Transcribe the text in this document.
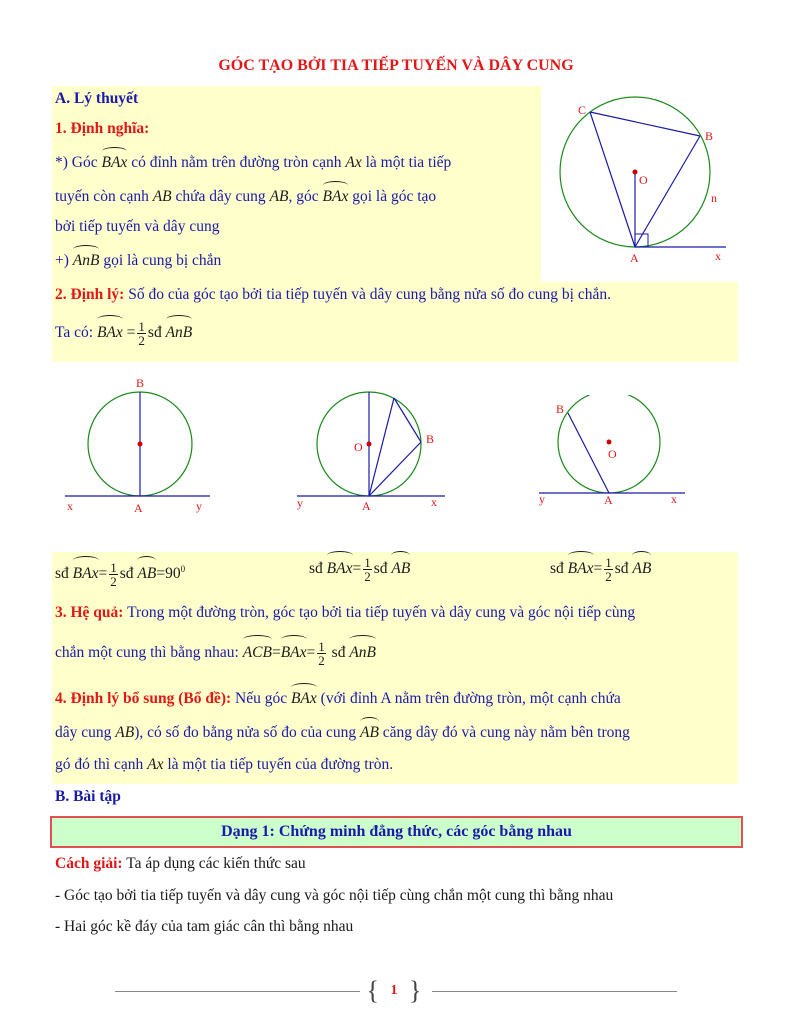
GÓC TẠO BỞI TIA TIẾP TUYẾN VÀ DÂY CUNG
A. Lý thuyết
1. Định nghĩa:
*) Góc BAx có đỉnh nằm trên đường tròn cạnh Ax là một tia tiếp
tuyến còn cạnh AB chứa dây cung AB, góc BAx gọi là góc tạo
bởi tiếp tuyến và dây cung
+) AnB gọi là cung bị chắn
C
B
O
n
A	x
2. Định lý: Số đo của góc tạo bởi tia tiếp tuyến và dây cung bằng nửa số đo cung bị chắn.
Ta có: BAx = $\frac{1}{2}$ sđ AnB
B
x	A	y
O
B
y	A	x
B
O
y	A	x
sđ $BAx= \frac{1}{2}$ sđ $AB=90^0$	sđ $BAx= \frac{1}{2}$ sđ AB	sđ $BAx= \frac{1}{2}$ sđ AB
3. Hệ quả: Trong một đường tròn, góc tạo bởi tia tiếp tuyến và dây cung và góc nội tiếp cùng
chắn một cung thì bằng nhau: $ACB=BAx= \frac{1}{2}$ sđ AnB
4. Định lý bổ sung (Bổ đề): Nếu góc BAx (với đỉnh A nằm trên đường tròn, một cạnh chứa
dây cung AB), có số đo bằng nửa số đo của cung AB căng dây đó và cung này nằm bên trong
gó đó thì cạnh Ax là một tia tiếp tuyến của đường tròn.
B. Bài tập
Dạng 1: Chứng minh đẳng thức, các góc bằng nhau
Cách giải: Ta áp dụng các kiến thức sau
- Góc tạo bởi tia tiếp tuyến và dây cung và góc nội tiếp cùng chắn một cung thì bằng nhau
- Hai góc kề đáy của tam giác cân thì bằng nhau
{ 1 }
